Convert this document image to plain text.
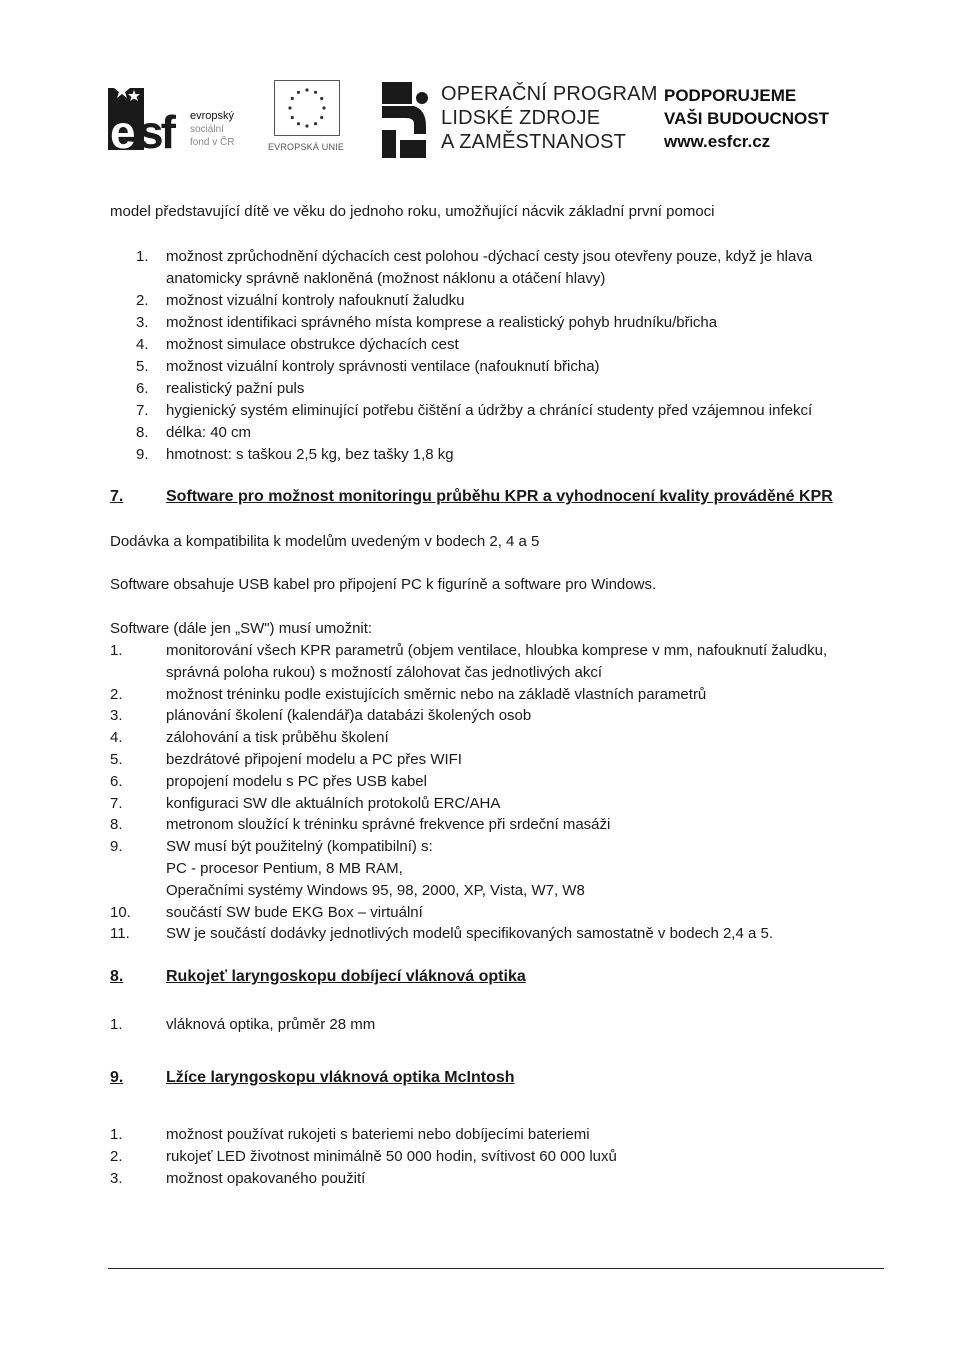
e sf	evropský
sociální
fond v ČR	EVROPSKÁ UNIE
OPERAČNÍ PROGRAM
LIDSKÉ ZDROJE
A ZAMĚSTNANOST
PODPORUJEME
VAŠI BUDOUCNOST
www.esfcr.cz
model představující dítě ve věku do jednoho roku, umožňující nácvik základní první pomoci
1. možnost zprůchodnění dýchacích cest polohou -dýchací cesty jsou otevřeny pouze, když je hlava
anatomicky správně nakloněná (možnost náklonu a otáčení hlavy)
2. možnost vizuální kontroly nafouknutí žaludku
3. možnost identifikaci správného místa komprese a realistický pohyb hrudníku/břicha
4. možnost simulace obstrukce dýchacích cest
5. možnost vizuální kontroly správnosti ventilace (nafouknutí břicha)
6. realistický pažní puls
7. hygienický systém eliminující potřebu čištění a údržby a chránící studenty před vzájemnou infekcí
8. délka: 40 cm
9. hmotnost: s taškou 2,5 kg, bez tašky 1,8 kg
7.	Software pro možnost monitoringu průběhu KPR a vyhodnocení kvality prováděné KPR
Dodávka a kompatibilita k modelům uvedeným v bodech 2, 4 a 5
Software obsahuje USB kabel pro připojení PC k figuríně a software pro Windows.
Software (dále jen „SW") musí umožnit:
1.	monitorování všech KPR parametrů (objem ventilace, hloubka komprese v mm, nafouknutí žaludku,
správná poloha rukou) s možností zálohovat čas jednotlivých akcí
2.	možnost tréninku podle existujících směrnic nebo na základě vlastních parametrů
3.	plánování školení (kalendář)a databázi školených osob
4.	zálohování a tisk průběhu školení
5.	bezdrátové připojení modelu a PC přes WIFI
6.	propojení modelu s PC přes USB kabel
7.	konfiguraci SW dle aktuálních protokolů ERC/AHA
8.	metronom sloužící k tréninku správné frekvence při srdeční masáži
9.	SW musí být použitelný (kompatibilní) s:
PC - procesor Pentium, 8 MB RAM,
Operačními systémy Windows 95, 98, 2000, XP, Vista, W7, W8
10. součástí SW bude EKG Box – virtuální
11. SW je součástí dodávky jednotlivých modelů specifikovaných samostatně v bodech 2,4 a 5.
8.	Rukojeť laryngoskopu dobíjecí vláknová optika
1.	vláknová optika, průměr 28 mm
9.	Lžíce laryngoskopu vláknová optika McIntosh
1.	možnost používat rukojeti s bateriemi nebo dobíjecími bateriemi
2.	rukojeť LED životnost minimálně 50 000 hodin, svítivost 60 000 luxů
3.	možnost opakovaného použití
